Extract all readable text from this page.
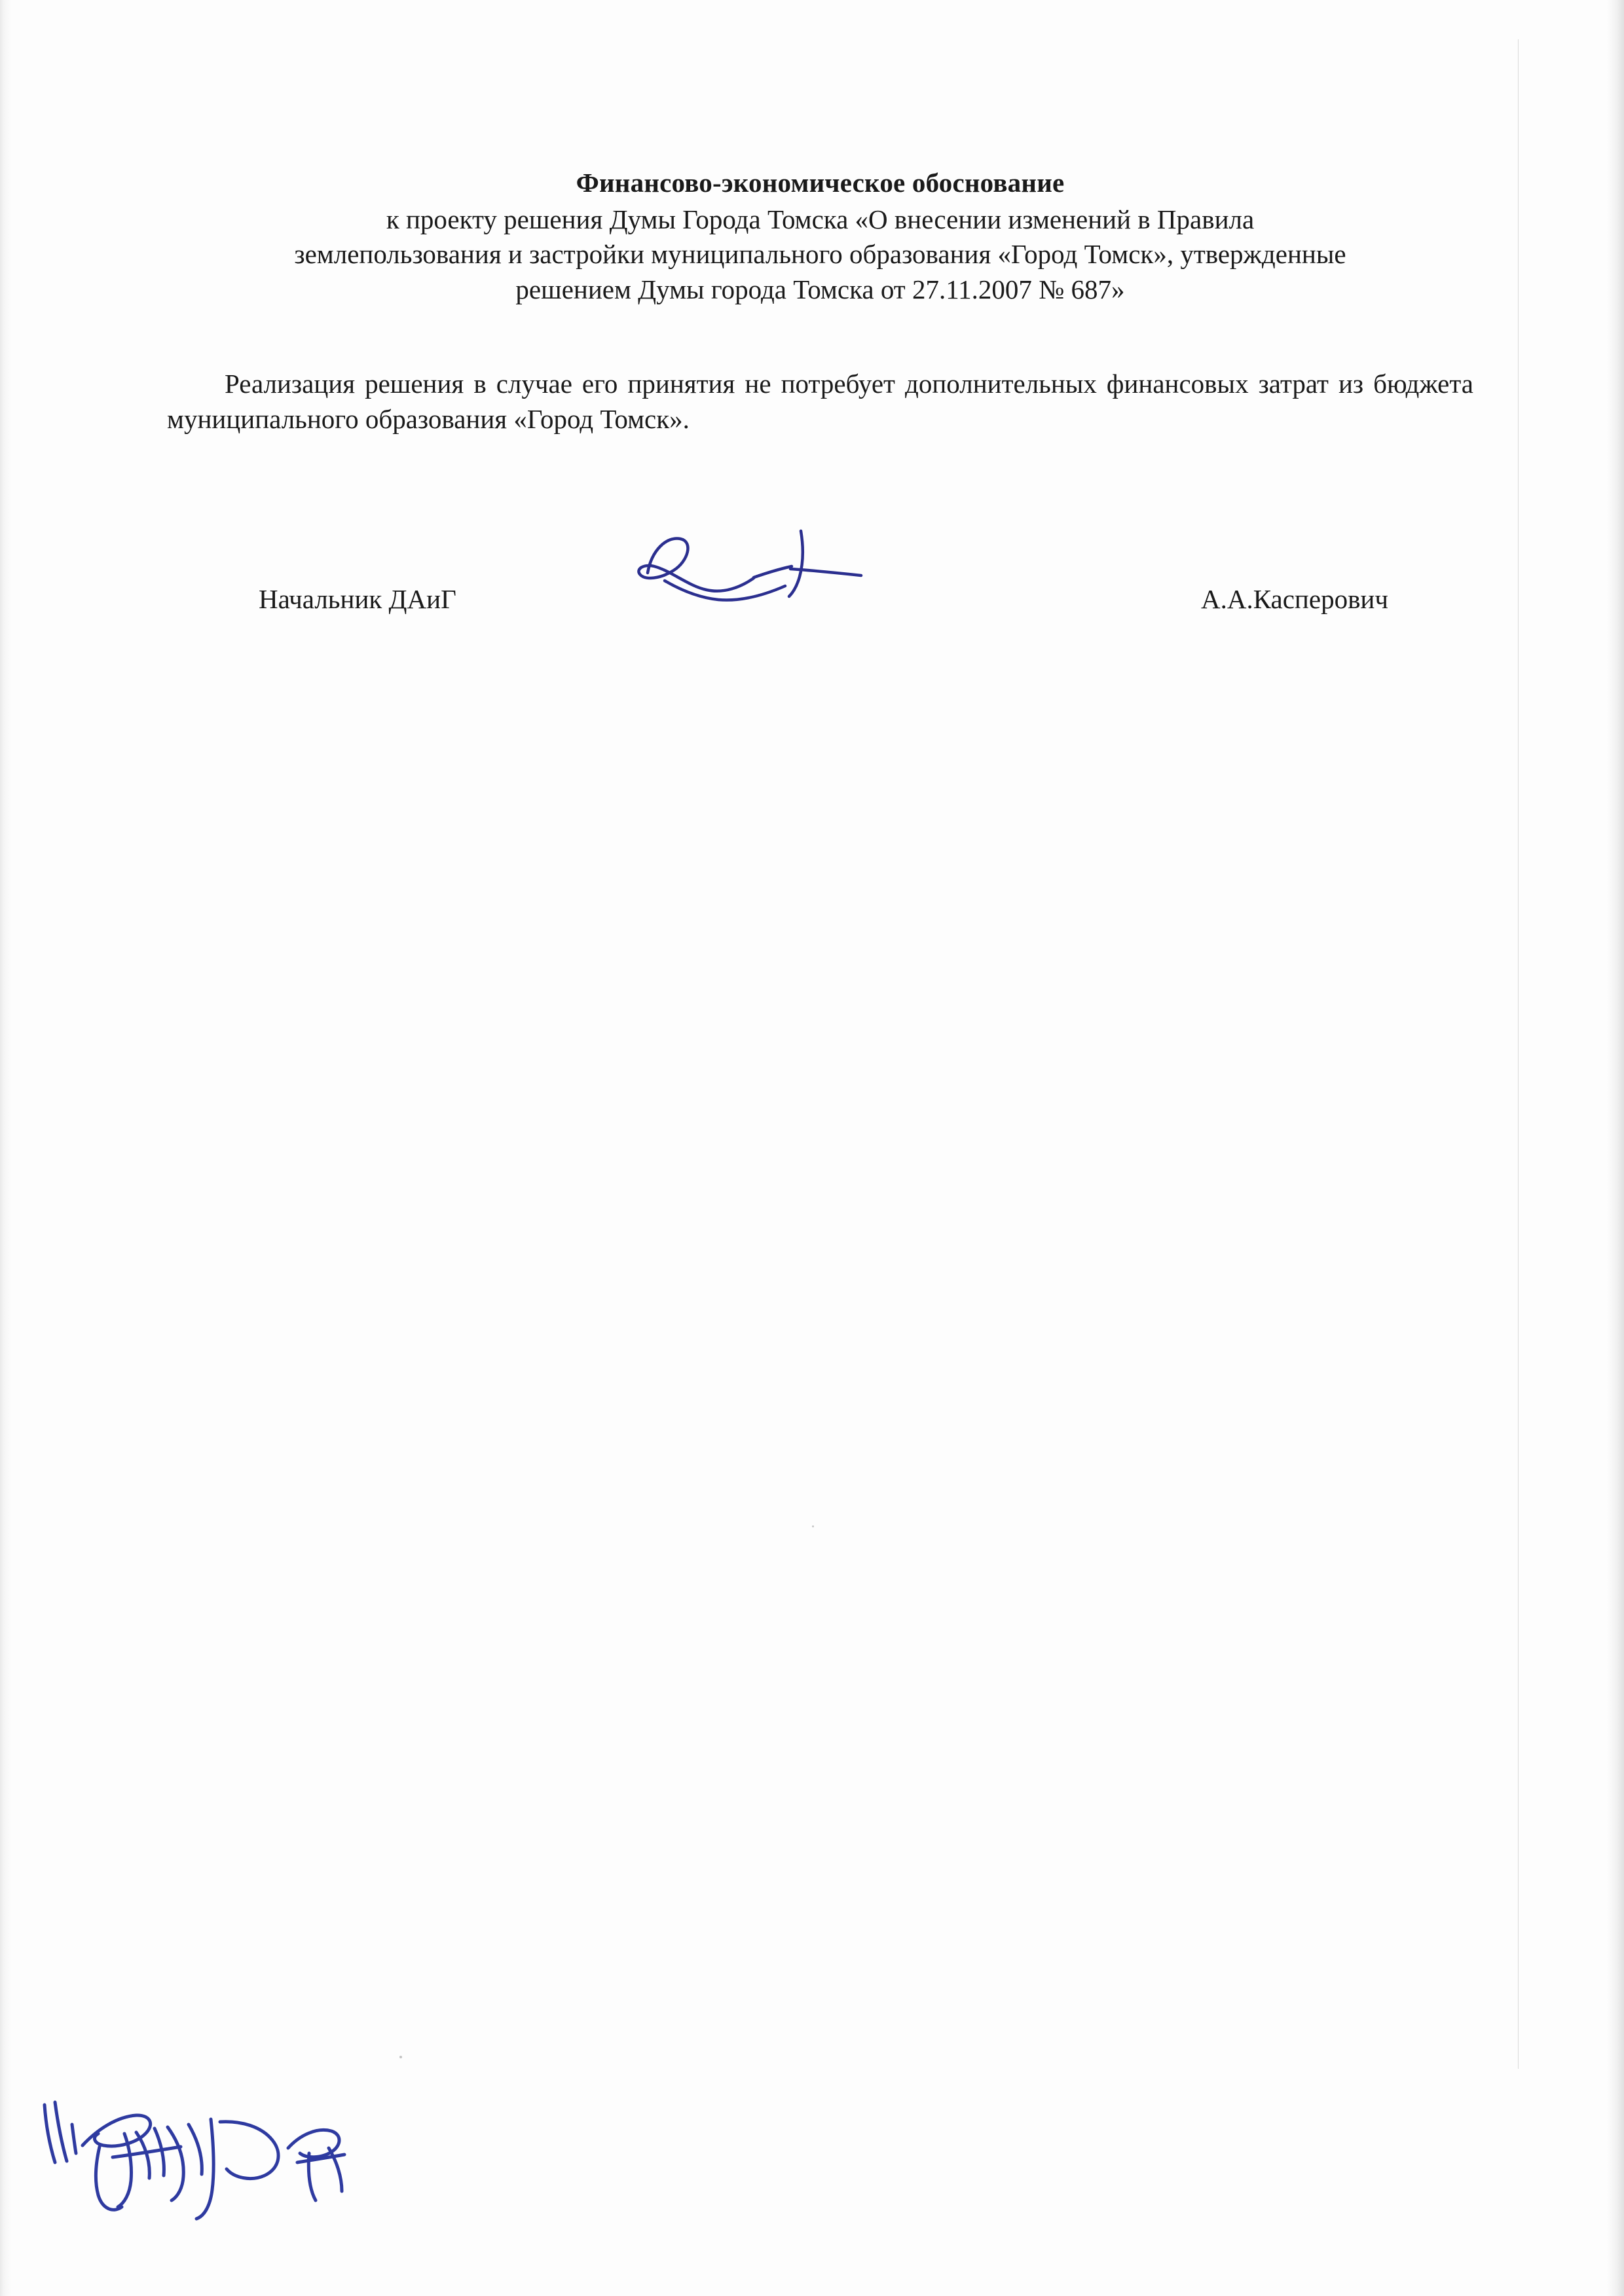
Финансово-экономическое обоснование

к проекту решения Думы Города Томска «О внесении изменений в Правила

землепользования и застройки муниципального образования «Город Томск», утвержденные

решением Думы города Томска от 27.11.2007 № 687»

Реализация решения в случае его принятия не потребует дополнительных финансовых затрат из бюджета муниципального образования «Город Томск».

Начальник ДАиГ	А.А.Касперович
